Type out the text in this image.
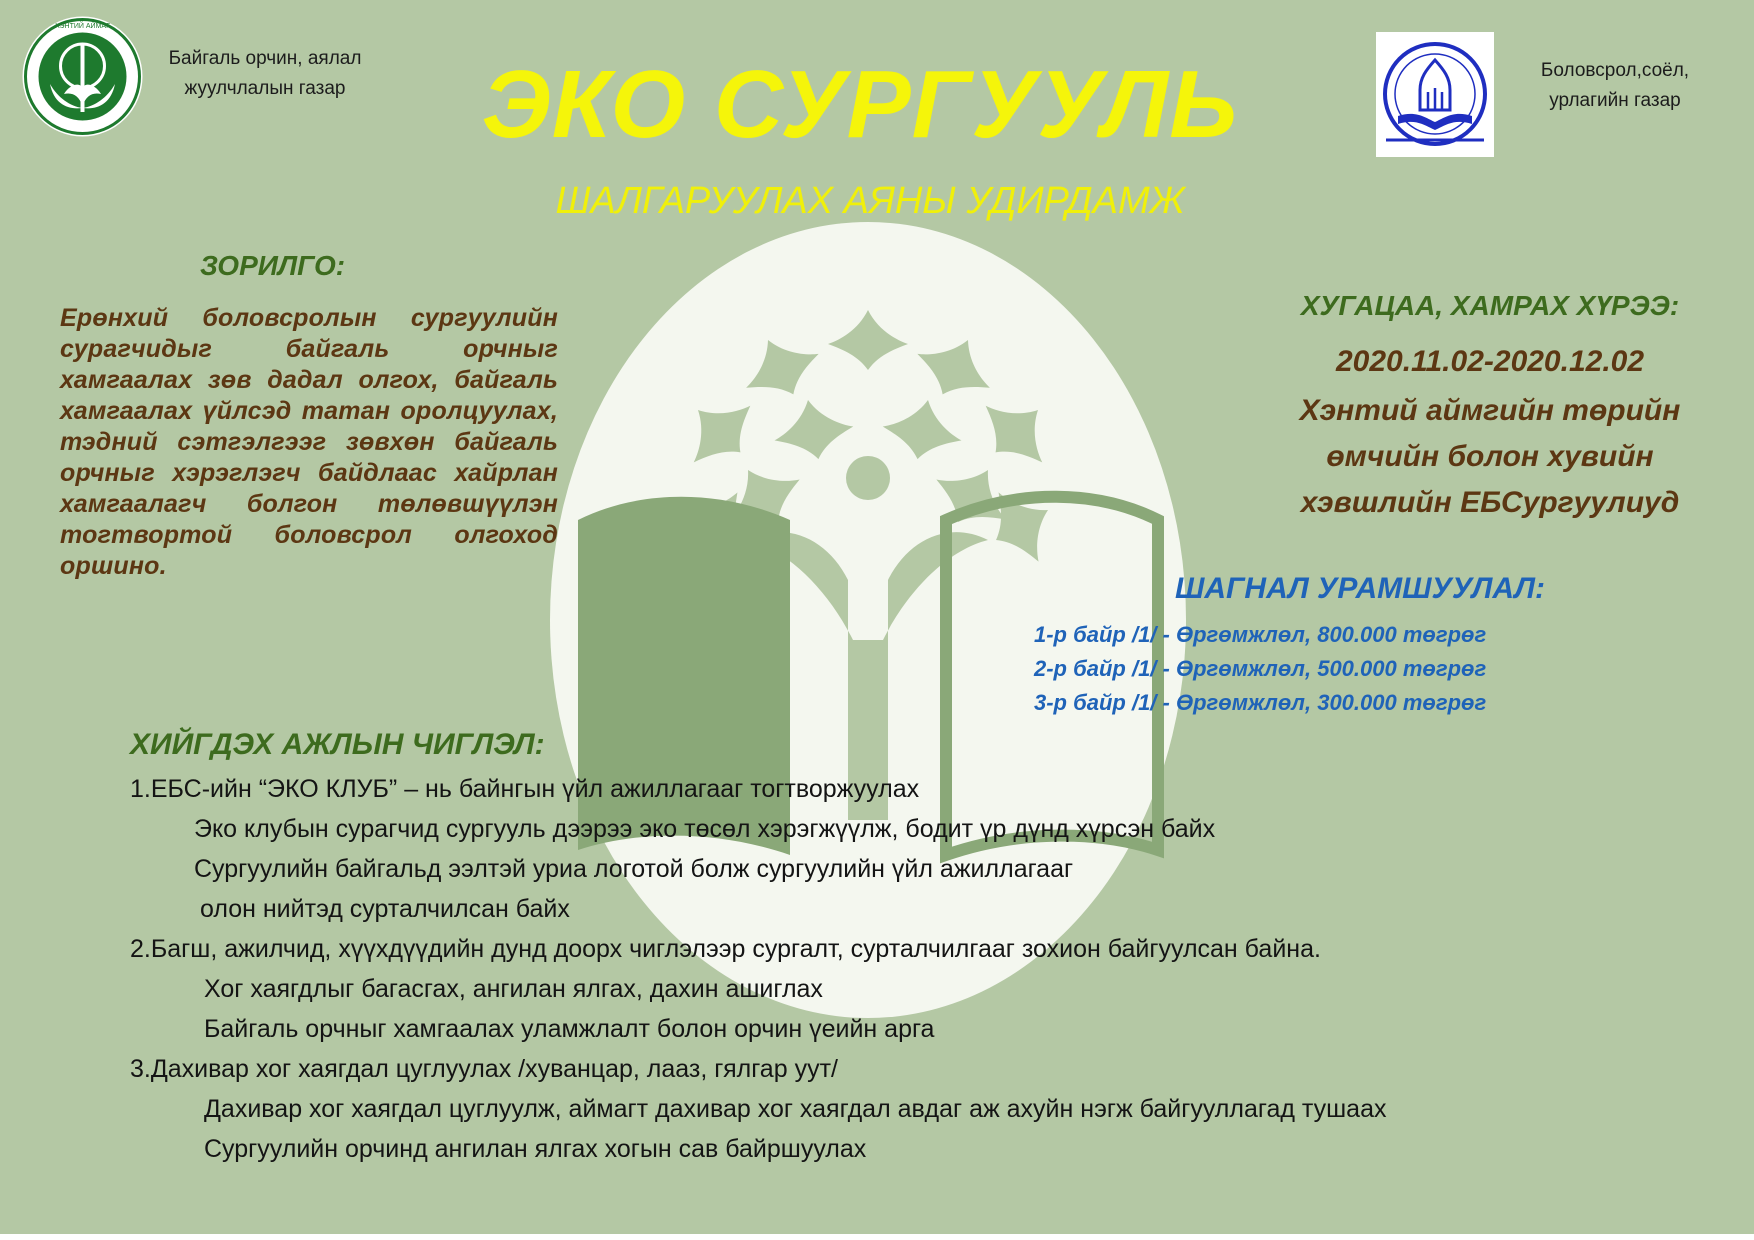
ХЭНТИЙ АЙМАГ
Байгаль орчин, аялал
жуулчлалын газар
Боловсрол,соёл,
урлагийн газар
ЭКО СУРГУУЛЬ
ШАЛГАРУУЛАХ АЯНЫ УДИРДАМЖ
ЗОРИЛГО:
Ерөнхий боловсролын сургуулийн сурагчидыг байгаль орчныг хамгаалах зөв дадал олгох, байгаль хамгаалах үйлсэд татан оролцуулах, тэдний сэтгэлгээг зөвхөн байгаль орчныг хэрэглэгч байдлаас хайрлан хамгаалагч болгон төлөвшүүлэн тогтвортой боловсрол олгоход оршино.
ХУГАЦАА, ХАМРАХ ХҮРЭЭ:
2020.11.02-2020.12.02
Хэнтий аймгийн төрийн
өмчийн болон хувийн
хэвшлийн ЕБСургуулиуд
ШАГНАЛ УРАМШУУЛАЛ:
1-р байр /1/ - Өргөмжлөл, 800.000 төгрөг
2-р байр /1/ - Өргөмжлөл, 500.000 төгрөг
3-р байр /1/ - Өргөмжлөл, 300.000 төгрөг
ХИЙГДЭХ АЖЛЫН ЧИГЛЭЛ:
1.ЕБС-ийн “ЭКО КЛУБ” – нь байнгын үйл ажиллагааг тогтворжуулах
Эко клубын сурагчид сургууль дээрээ эко төсөл хэрэгжүүлж, бодит үр дүнд хүрсэн байх
Сургуулийн байгальд ээлтэй уриа логотой болж сургуулийн үйл ажиллагааг
олон нийтэд сурталчилсан байх
2.Багш, ажилчид, хүүхдүүдийн дунд доорх чиглэлээр сургалт, сурталчилгааг зохион байгуулсан байна.
Хог хаягдлыг багасгах, ангилан ялгах, дахин ашиглах
Байгаль орчныг хамгаалах уламжлалт болон орчин үеийн арга
3.Дахивар хог хаягдал цуглуулах /хуванцар, лааз, гялгар уут/
Дахивар хог хаягдал цуглуулж, аймагт дахивар хог хаягдал авдаг аж ахуйн нэгж байгууллагад тушаах
Сургуулийн орчинд ангилан ялгах хогын сав байршуулах
